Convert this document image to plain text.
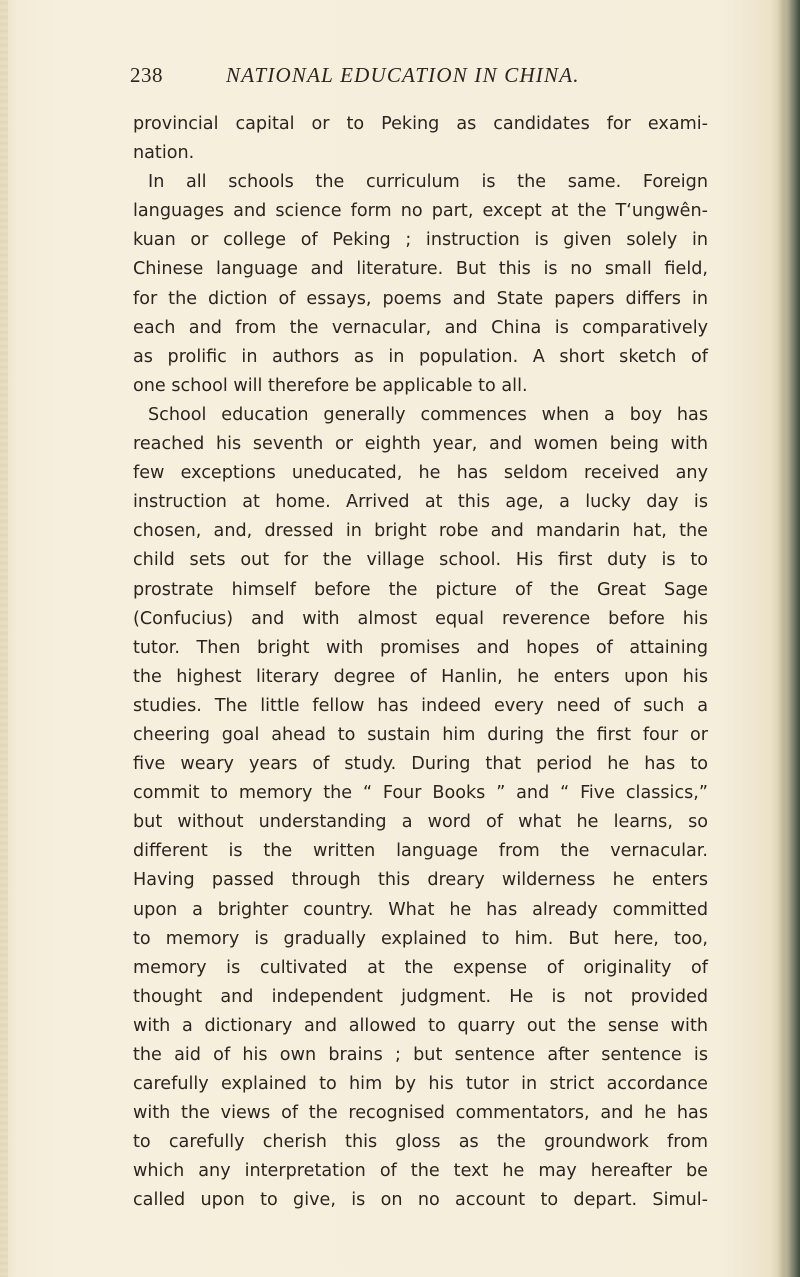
238	NATIONAL EDUCATION IN CHINA.
provincial capital or to Peking as candidates for exami-
nation.
In all schools the curriculum is the same. Foreign
languages and science form no part, except at the T‘ungwên-
kuan or college of Peking ; instruction is given solely in
Chinese language and literature. But this is no small field,
for the diction of essays, poems and State papers differs in
each and from the vernacular, and China is comparatively
as prolific in authors as in population. A short sketch of
one school will therefore be applicable to all.
School education generally commences when a boy has
reached his seventh or eighth year, and women being with
few exceptions uneducated, he has seldom received any
instruction at home. Arrived at this age, a lucky day is
chosen, and, dressed in bright robe and mandarin hat, the
child sets out for the village school. His first duty is to
prostrate himself before the picture of the Great Sage
(Confucius) and with almost equal reverence before his
tutor. Then bright with promises and hopes of attaining
the highest literary degree of Hanlin, he enters upon his
studies. The little fellow has indeed every need of such a
cheering goal ahead to sustain him during the first four or
five weary years of study. During that period he has to
commit to memory the “ Four Books ” and “ Five classics,”
but without understanding a word of what he learns, so
different is the written language from the vernacular.
Having passed through this dreary wilderness he enters
upon a brighter country. What he has already committed
to memory is gradually explained to him. But here, too,
memory is cultivated at the expense of originality of
thought and independent judgment. He is not provided
with a dictionary and allowed to quarry out the sense with
the aid of his own brains ; but sentence after sentence is
carefully explained to him by his tutor in strict accordance
with the views of the recognised commentators, and he has
to carefully cherish this gloss as the groundwork from
which any interpretation of the text he may hereafter be
called upon to give, is on no account to depart. Simul-
